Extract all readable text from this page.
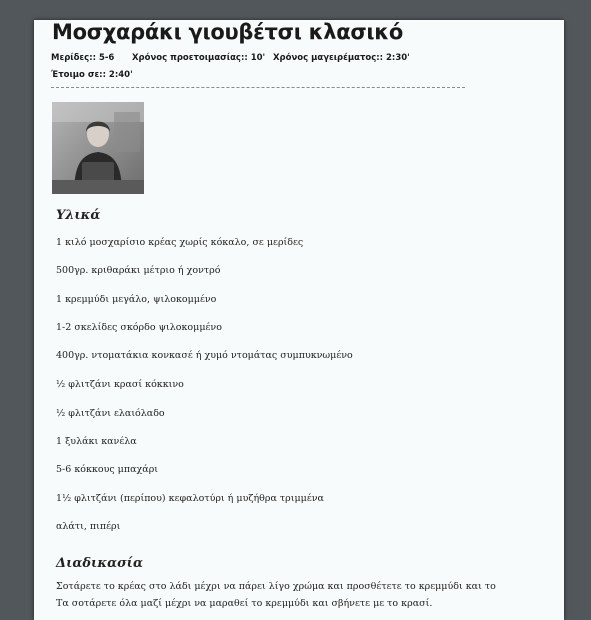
Μοσχαράκι γιουβέτσι κλασικό
Μερίδες:: 5-6 Χρόνος προετοιμασίας:: 10' Χρόνος μαγειρέματος:: 2:30'
Έτοιμο σε:: 2:40'
Υλικά
1 κιλό μοσχαρίσιο κρέας χωρίς κόκαλο, σε μερίδες
500γρ. κριθαράκι μέτριο ή χοντρό
1 κρεμμύδι μεγάλο, ψιλοκομμένο
1-2 σκελίδες σκόρδο ψιλοκομμένο
400γρ. ντοματάκια κονκασέ ή χυμό ντομάτας συμπυκνωμένο
½ φλιτζάνι κρασί κόκκινο
½ φλιτζάνι ελαιόλαδο
1 ξυλάκι κανέλα
5-6 κόκκους μπαχάρι
1½ φλιτζάνι (περίπου) κεφαλοτύρι ή μυζήθρα τριμμένα
αλάτι, πιπέρι
Διαδικασία
Σοτάρετε το κρέας στο λάδι μέχρι να πάρει λίγο χρώμα και προσθέτετε το κρεμμύδι και το
Τα σοτάρετε όλα μαζί μέχρι να μαραθεί το κρεμμύδι και σβήνετε με το κρασί.
